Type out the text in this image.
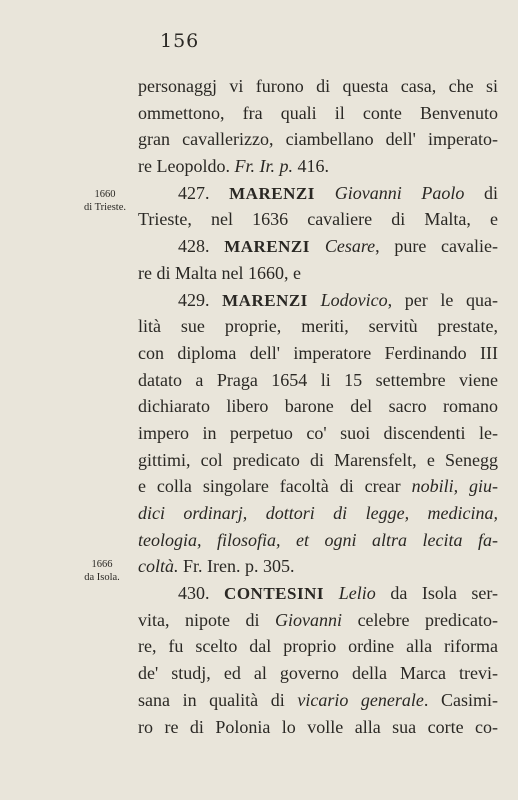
156
1660
di Trieste.
1666
da Isola.
personaggj vi furono di questa casa, che si
ommettono, fra quali il conte Benvenuto
gran cavallerizzo, ciambellano dell' imperato-
re Leopoldo. Fr. Ir. p. 416.
427. MARENZI Giovanni Paolo di
Trieste, nel 1636 cavaliere di Malta, e
428. MARENZI Cesare, pure cavalie-
re di Malta nel 1660, e
429. MARENZI Lodovico, per le qua-
lità sue proprie, meriti, servitù prestate,
con diploma dell' imperatore Ferdinando III
datato a Praga 1654 li 15 settembre viene
dichiarato libero barone del sacro romano
impero in perpetuo co' suoi discendenti le-
gittimi, col predicato di Marensfelt, e Senegg
e colla singolare facoltà di crear nobili, giu-
dici ordinarj, dottori di legge, medicina,
teologia, filosofia, et ogni altra lecita fa-
coltà. Fr. Iren. p. 305.
430. CONTESINI Lelio da Isola ser-
vita, nipote di Giovanni celebre predicato-
re, fu scelto dal proprio ordine alla riforma
de' studj, ed al governo della Marca trevi-
sana in qualità di vicario generale. Casimi-
ro re di Polonia lo volle alla sua corte co-
